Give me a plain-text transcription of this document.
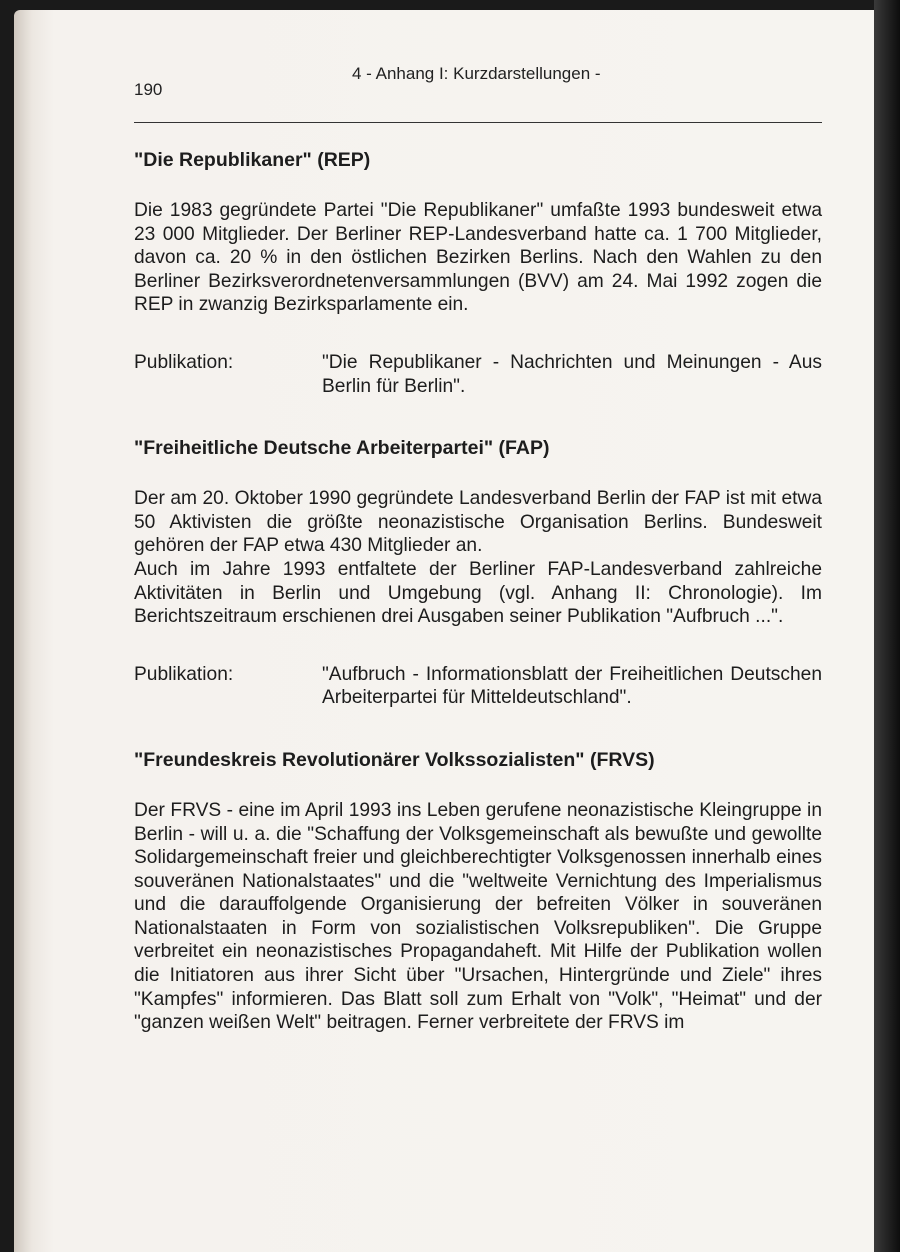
190
4 - Anhang I: Kurzdarstellungen -
"Die Republikaner" (REP)

Die 1983 gegründete Partei "Die Republikaner" umfaßte 1993 bundesweit etwa 23 000 Mitglieder. Der Berliner REP-Landesverband hatte ca. 1 700 Mitglieder, davon ca. 20 % in den östlichen Bezirken Berlins. Nach den Wahlen zu den Berliner Bezirksverordnetenversammlungen (BVV) am 24. Mai 1992 zogen die REP in zwanzig Bezirksparlamente ein.

Publikation:	"Die Republikaner - Nachrichten und Meinungen - Aus Berlin für Berlin".
"Freiheitliche Deutsche Arbeiterpartei" (FAP)

Der am 20. Oktober 1990 gegründete Landesverband Berlin der FAP ist mit etwa 50 Aktivisten die größte neonazistische Organisation Berlins. Bundesweit gehören der FAP etwa 430 Mitglieder an.

Auch im Jahre 1993 entfaltete der Berliner FAP-Landesverband zahlreiche Aktivitäten in Berlin und Umgebung (vgl. Anhang II: Chronologie). Im Berichtszeitraum erschienen drei Ausgaben seiner Publikation "Aufbruch ...".

Publikation:	"Aufbruch - Informationsblatt der Freiheitlichen Deutschen Arbeiterpartei für Mitteldeutschland".
"Freundeskreis Revolutionärer Volkssozialisten" (FRVS)

Der FRVS - eine im April 1993 ins Leben gerufene neonazistische Kleingruppe in Berlin - will u. a. die "Schaffung der Volksgemeinschaft als bewußte und gewollte Solidargemeinschaft freier und gleichberechtigter Volksgenossen innerhalb eines souveränen Nationalstaates" und die "weltweite Vernichtung des Imperialismus und die darauffolgende Organisierung der befreiten Völker in souveränen Nationalstaaten in Form von sozialistischen Volksrepubliken". Die Gruppe verbreitet ein neonazistisches Propagandaheft. Mit Hilfe der Publikation wollen die Initiatoren aus ihrer Sicht über "Ursachen, Hintergründe und Ziele" ihres "Kampfes" informieren. Das Blatt soll zum Erhalt von "Volk", "Heimat" und der "ganzen weißen Welt" beitragen. Ferner verbreitete der FRVS im
